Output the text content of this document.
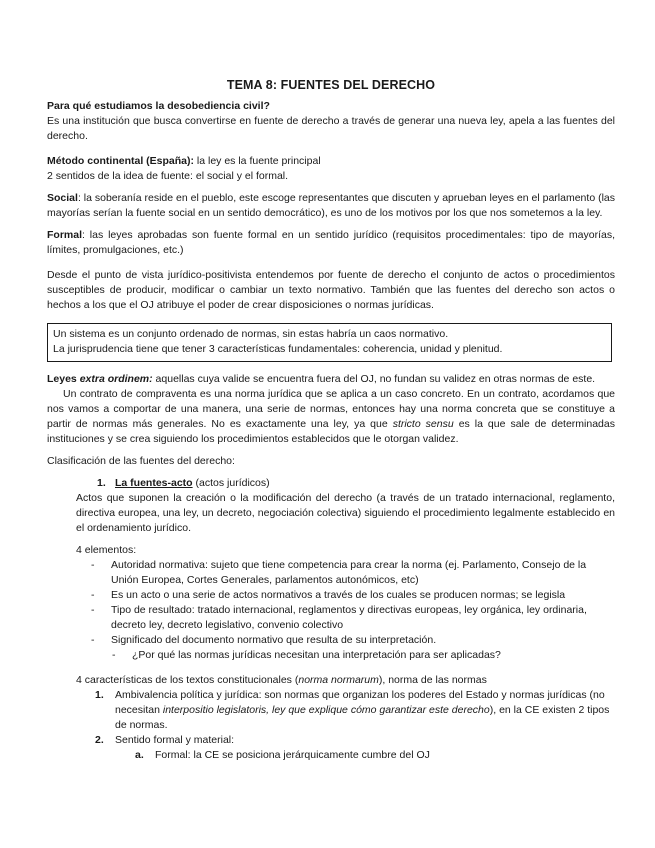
TEMA 8: FUENTES DEL DERECHO

Para qué estudiamos la desobediencia civil?

Es una institución que busca convertirse en fuente de derecho a través de generar una nueva ley, apela a las fuentes del derecho.

Método continental (España): la ley es la fuente principal

2 sentidos de la idea de fuente: el social y el formal.

Social: la soberanía reside en el pueblo, este escoge representantes que discuten y aprueban leyes en el parlamento (las mayorías serían la fuente social en un sentido democrático), es uno de los motivos por los que nos sometemos a la ley.

Formal: las leyes aprobadas son fuente formal en un sentido jurídico (requisitos procedimentales: tipo de mayorías, límites, promulgaciones, etc.)

Desde el punto de vista jurídico-positivista entendemos por fuente de derecho el conjunto de actos o procedimientos susceptibles de producir, modificar o cambiar un texto normativo. También que las fuentes del derecho son actos o hechos a los que el OJ atribuye el poder de crear disposiciones o normas jurídicas.

Un sistema es un conjunto ordenado de normas, sin estas habría un caos normativo.
La jurisprudencia tiene que tener 3 características fundamentales: coherencia, unidad y plenitud.

Leyes extra ordinem: aquellas cuya valide se encuentra fuera del OJ, no fundan su validez en otras normas de este.

Un contrato de compraventa es una norma jurídica que se aplica a un caso concreto. En un contrato, acordamos que nos vamos a comportar de una manera, una serie de normas, entonces hay una norma concreta que se constituye a partir de normas más generales. No es exactamente una ley, ya que stricto sensu es la que sale de determinadas instituciones y se crea siguiendo los procedimientos establecidos que le otorgan validez.

Clasificación de las fuentes del derecho:

1. La fuentes-acto (actos jurídicos)

Actos que suponen la creación o la modificación del derecho (a través de un tratado internacional, reglamento, directiva europea, una ley, un decreto, negociación colectiva) siguiendo el procedimiento legalmente establecido en el ordenamiento jurídico.

4 elementos:

-	Autoridad normativa: sujeto que tiene competencia para crear la norma (ej. Parlamento, Consejo de la Unión Europea, Cortes Generales, parlamentos autonómicos, etc)
-	Es un acto o una serie de actos normativos a través de los cuales se producen normas; se legisla
-	Tipo de resultado: tratado internacional, reglamentos y directivas europeas, ley orgánica, ley ordinaria, decreto ley, decreto legislativo, convenio colectivo
-	Significado del documento normativo que resulta de su interpretación.
-	¿Por qué las normas jurídicas necesitan una interpretación para ser aplicadas?

4 características de los textos constitucionales (norma normarum), norma de las normas

1.	Ambivalencia política y jurídica: son normas que organizan los poderes del Estado y normas jurídicas (no necesitan interpositio legislatoris, ley que explique cómo garantizar este derecho), en la CE existen 2 tipos de normas.
2.	Sentido formal y material:
a.	Formal: la CE se posiciona jerárquicamente cumbre del OJ
